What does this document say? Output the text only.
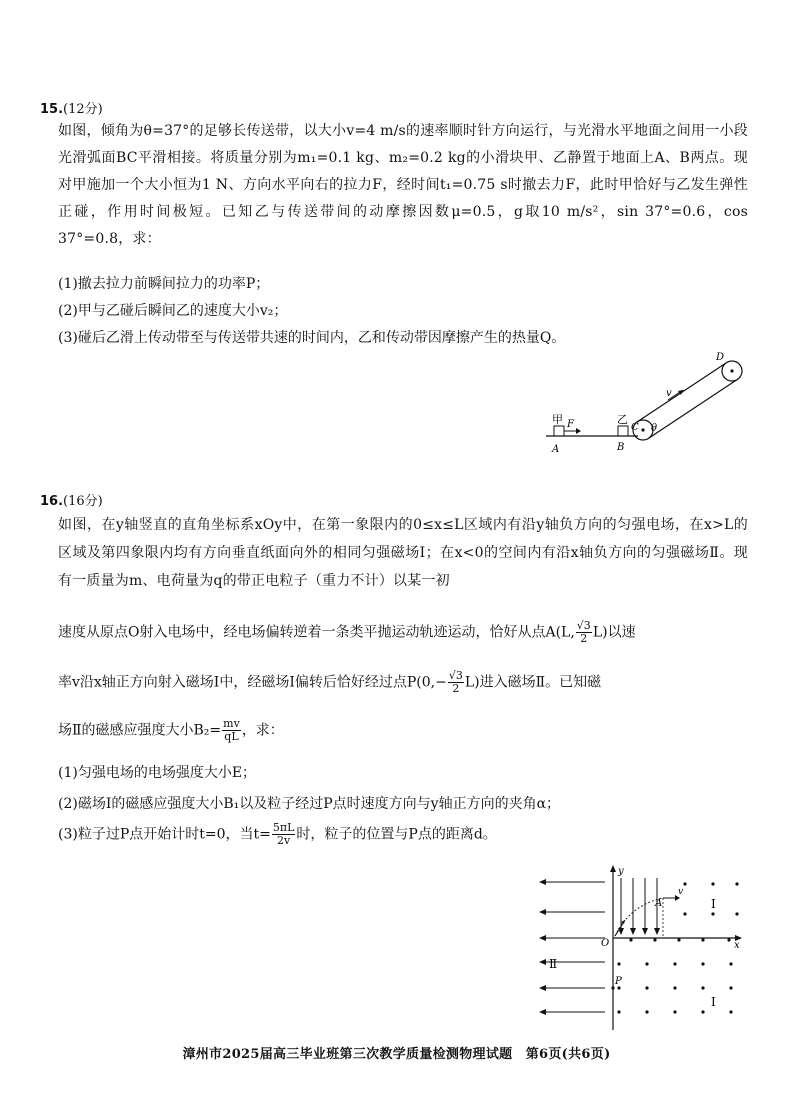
15.(12分)
如图，倾角为θ=37°的足够长传送带，以大小v=4 m/s的速率顺时针方向运行，与光滑水平地面之间用一小段光滑弧面BC平滑相接。将质量分别为m₁=0.1 kg、m₂=0.2 kg的小滑块甲、乙静置于地面上A、B两点。现对甲施加一个大小恒为1 N、方向水平向右的拉力F，经时间t₁=0.75 s时撤去力F，此时甲恰好与乙发生弹性正碰，作用时间极短。已知乙与传送带间的动摩擦因数μ=0.5，g取10 m/s²，sin 37°=0.6，cos 37°=0.8，求：
(1)撤去拉力前瞬间拉力的功率P；
(2)甲与乙碰后瞬间乙的速度大小v₂；
(3)碰后乙滑上传动带至与传送带共速的时间内，乙和传动带因摩擦产生的热量Q。
甲 F
A
乙
B
C
v
D
θ
16.(16分)
如图，在y轴竖直的直角坐标系xOy中，在第一象限内的0≤x≤L区域内有沿y轴负方向的匀强电场，在x>L的区域及第四象限内均有方向垂直纸面向外的相同匀强磁场Ⅰ；在x<0的空间内有沿x轴负方向的匀强磁场Ⅱ。现有一质量为m、电荷量为q的带正电粒子（重力不计）以某一初
速度从原点O射入电场中，经电场偏转逆着一条类平抛运动轨迹运动，恰好从点A(L, $\frac{√3}{2} L$)以速
率v沿x轴正方向射入磁场Ⅰ中，经磁场Ⅰ偏转后恰好经过点$P(0,- \frac{√3}{2} L)$进入磁场Ⅱ。已知磁
场Ⅱ的磁感应强度大小$B_2= \frac{mv}{qL}$ ，求：
(1)匀强电场的电场强度大小E；
(2)磁场Ⅰ的磁感应强度大小B₁以及粒子经过P点时速度方向与y轴正方向的夹角α；
(3)粒子过P点开始计时t=0，当$t= \frac{5\pi L}{2v}$ 时，粒子的位置与P点的距离d。
y
x
O
A
v
P
Ⅰ
Ⅰ
Ⅱ
漳州市2025届高三毕业班第三次教学质量检测物理试题　第6页(共6页)
